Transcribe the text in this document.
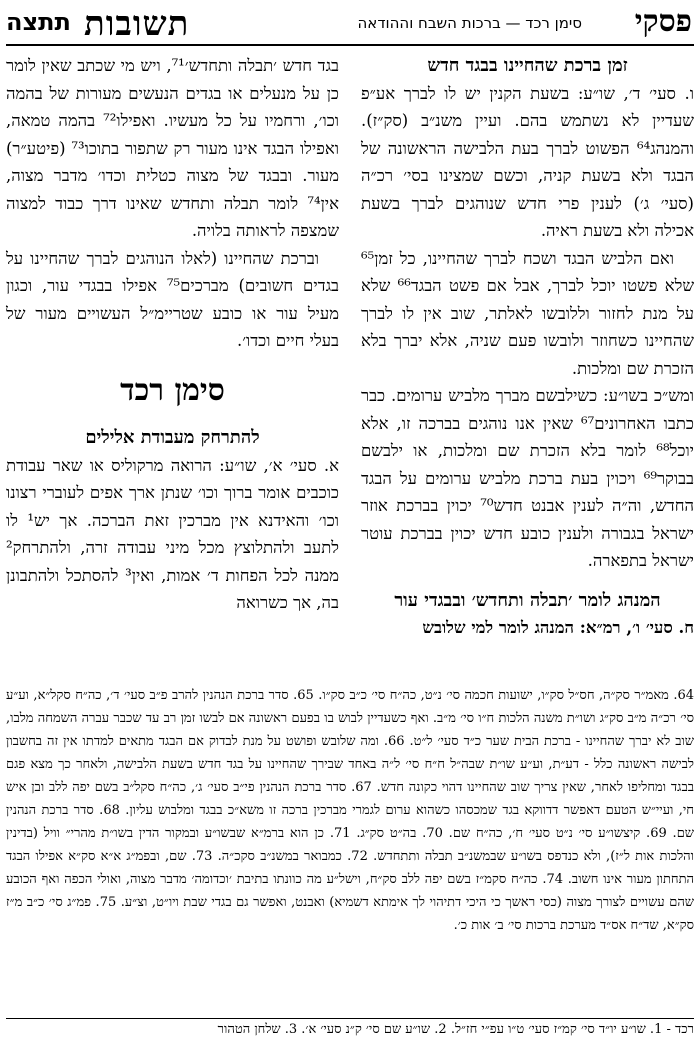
פסקי
סימן רכד — ברכות השבח וההודאה
תשובות
תתצה

זמן ברכת שהחיינו בבגד חדש

ו. סעי׳ ד׳, שו״ע: בשעת הקנין יש לו לברך אע״פ שעדיין לא נשתמש בהם. ועיין משנ״ב (סק״ז). והמנהג⁶⁴ הפשוט לברך בעת הלבישה הראשונה של הבגד ולא בשעת קניה, וכשם שמצינו בסי׳ רכ״ה (סעי׳ ג׳) לענין פרי חדש שנוהגים לברך בשעת אכילה ולא בשעת ראיה.

ואם הלביש הבגד ושכח לברך שהחיינו, כל זמן⁶⁵ שלא פשטו יוכל לברך, אבל אם פשט הבגד⁶⁶ שלא על מנת לחזור וללובשו לאלתר, שוב אין לו לברך שהחיינו כשחוזר ולובשו פעם שניה, אלא יברך בלא הזכרת שם ומלכות.

ומש״כ בשו״ע: כשילבשם מברך מלביש ערומים. כבר כתבו האחרונים⁶⁷ שאין אנו נוהגים בברכה זו, אלא יוכל⁶⁸ לומר בלא הזכרת שם ומלכות, או ילבשם בבוקר⁶⁹ ויכוין בעת ברכת מלביש ערומים על הבגד החדש, וה״ה לענין אבנט חדש⁷⁰ יכוין בברכת אוזר ישראל בגבורה ולענין כובע חדש יכוין בברכת עוטר ישראל בתפארה.

המנהג לומר ׳תבלה ותחדש׳ ובבגדי עור

ח. סעי׳ ו׳, רמ״א: המנהג לומר למי שלובש

בגד חדש ׳תבלה ותחדש׳⁷¹, ויש מי שכתב שאין לומר כן על מנעלים או בגדים הנעשים מעורות של בהמה וכו׳, ורחמיו על כל מעשיו. ואפילו⁷² בהמה טמאה, ואפילו הבגד אינו מעור רק שתפור בתוכו⁷³ (פיטע״ר) מעור. ובבגד של מצוה כטלית וכדו׳ מדבר מצוה, אין⁷⁴ לומר תבלה ותחדש שאינו דרך כבוד למצוה שמצפה לראותה בלויה.

וברכת שהחיינו (לאלו הנוהגים לברך שהחיינו על בגדים חשובים) מברכים⁷⁵ אפילו בבגדי עור, וכגון מעיל עור או כובע שטריימ״ל העשויים מעור של בעלי חיים וכדו׳.

סימן רכד

להתרחק מעבודת אלילים

א. סעי׳ א׳, שו״ע: הרואה מרקוליס או שאר עבודת כוכבים אומר ברוך וכו׳ שנתן ארך אפים לעוברי רצונו וכו׳ והאידנא אין מברכין זאת הברכה. אך יש¹ לו לתעב ולהתלוצץ מכל מיני עבודה זרה, ולהתרחק² ממנה לכל הפחות ד׳ אמות, ואין³ להסתכל ולהתבונן בה, אך כשרואה

64. מאמ״ר סק״ה, חס״ל סק״ו, ישועות חכמה סי׳ נ״ט, כה״ח סי׳ כ״ב סק״ו. 65. סדר ברכת הנהנין להרב פ״ב סעי׳ ד׳, כה״ח סקל״א, וע״ע סי׳ רכ״ה מ״ב סק״ג ושו״ת משנה הלכות ח״ו סי׳ מ״ב. ואף כשעדיין לבוש בו בפעם ראשונה אם לבשו זמן רב עד שכבר עברה השמחה מלבו, שוב לא יברך שהחיינו - ברכת הבית שער כ״ד סעי׳ ל״ט. 66. ומה שלובש ופושט על מנת לבדוק אם הבגד מתאים למדתו אין זה בחשבון לבישה ראשונה כלל - דע״ת, וע״ע שו״ת שבה״ל ח״ח סי׳ ל״ה באחד שבירך שהחיינו על בגד חדש בשעת הלבישה, ולאחר כך מצא פגם בבגד ומחליפו לאחר, שאין צריך שוב שהחיינו דהוי כקונה חדש. 67. סדר ברכת הנהנין פי״ב סעי׳ ג׳, כה״ח סקל״ב בשם יפה ללב ובן איש חי, ועיי״ש הטעם דאפשר דדווקא בגד שמכסהו כשהוא ערום לגמרי מברכין ברכה זו משא״כ בבגד ומלבוש עליון. 68. סדר ברכת הנהנין שם. 69. קיצשו״ע סי׳ נ״ט סעי׳ ח׳, כה״ח שם. 70. בה״ט סק״ג. 71. כן הוא ברמ״א שבשו״ע ובמקור הדין בשו״ת מהרי״ וויל (בדינין והלכות אות ל״ז), ולא כנדפס בשו״ע שבמשנ״ב תבלה ותתחדש. 72. כמבואר במשנ״ב סקכ״ה. 73. שם, ובפמ״ג א״א סק״א אפילו הבגד התחתון מעור אינו חשוב. 74. כה״ח סקמ״ז בשם יפה ללב סק״ח, וישל״ע מה כוונתו בתיבת ׳וכדומה׳ מדבר מצוה, ואולי הכפה ואף הכובע שהם עשויים לצורך מצוה (כסי ראשך כי היכי דתיהוי לך אימתא דשמיא) ואבנט, ואפשר גם בגדי שבת ויו״ט, וצ״ע. 75. פמ״ג סי׳ כ״ב מ״ז סק״א, שד״ח אס״ד מערכת ברכות סי׳ ב׳ אות כ׳.

רכד - 1. שו״ע יו״ד סי׳ קמ״ז סעי׳ ט״ו עפ״י חז״ל. 2. שו״ע שם סי׳ ק״נ סעי׳ א׳. 3. שלחן הטהור
